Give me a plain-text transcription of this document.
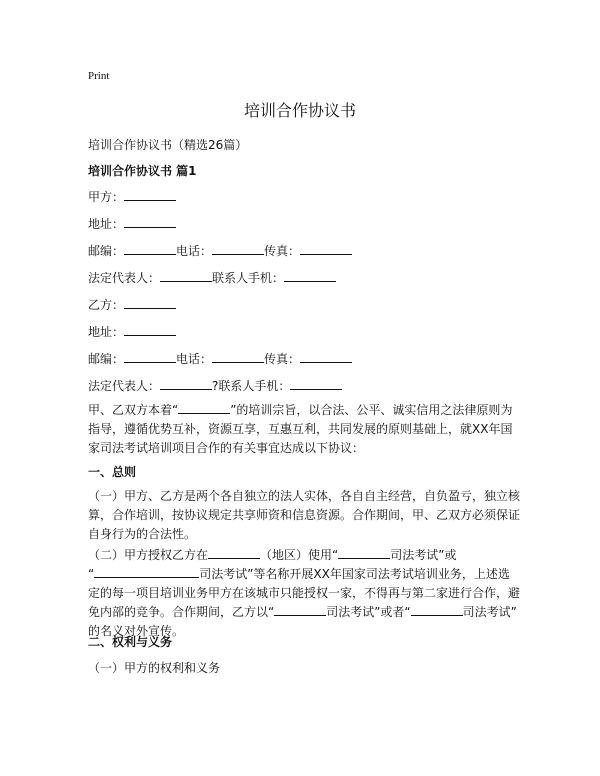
Print
培训合作协议书
培训合作协议书（精选26篇）
培训合作协议书 篇1
甲方：
地址：
邮编：	电话：	传真：
法定代表人：	联系人手机：
乙方：
地址：
邮编：	电话：	传真：
法定代表人：	?联系人手机：
甲、乙双方本着“	”的培训宗旨，以合法、公平、诚实信用之法律原则为
指导，遵循优势互补，资源互享，互惠互利，共同发展的原则基础上，就XX年国
家司法考试培训项目合作的有关事宜达成以下协议：
一、总则
（一）甲方、乙方是两个各自独立的法人实体，各自自主经营，自负盈亏，独立核
算，合作培训，按协议规定共享师资和信息资源。合作期间，甲、乙双方必须保证
自身行为的合法性。
（二）甲方授权乙方在	（地区）使用“	司法考试”或
“	司法考试”等名称开展XX年国家司法考试培训业务，上述选
定的每一项目培训业务甲方在该城市只能授权一家，不得再与第二家进行合作，避
免内部的竞争。合作期间，乙方以“	司法考试”或者“	司法考试”
的名义对外宣传。
二、权利与义务
（一）甲方的权利和义务
